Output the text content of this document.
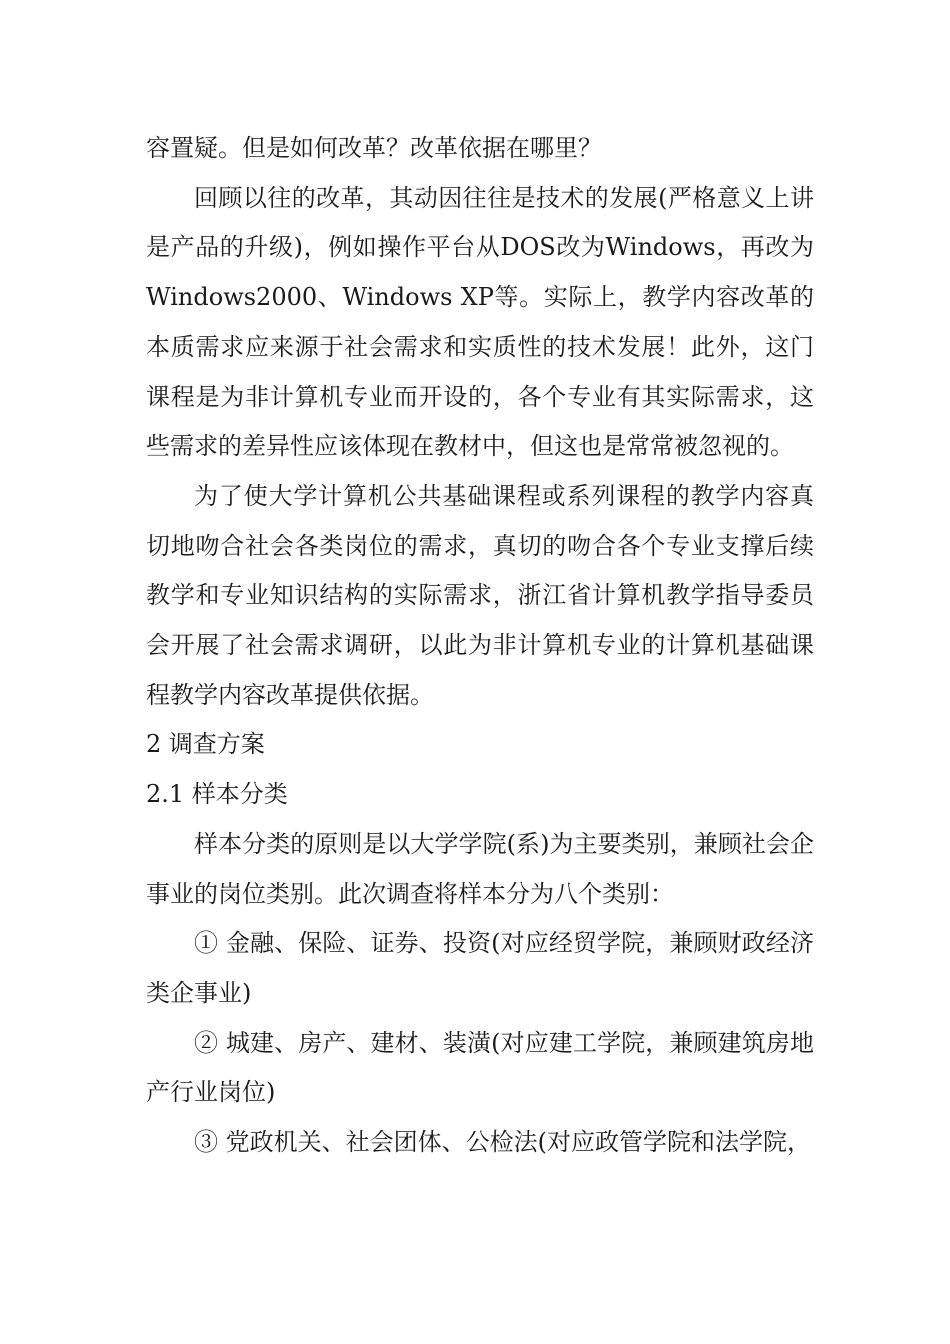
容置疑。但是如何改革？改革依据在哪里？

回顾以往的改革，其动因往往是技术的发展(严格意义上讲是产品的升级)，例如操作平台从DOS改为Windows，再改为Windows2000、Windows XP等。实际上，教学内容改革的本质需求应来源于社会需求和实质性的技术发展！此外，这门课程是为非计算机专业而开设的，各个专业有其实际需求，这些需求的差异性应该体现在教材中，但这也是常常被忽视的。

为了使大学计算机公共基础课程或系列课程的教学内容真切地吻合社会各类岗位的需求，真切的吻合各个专业支撑后续教学和专业知识结构的实际需求，浙江省计算机教学指导委员会开展了社会需求调研，以此为非计算机专业的计算机基础课程教学内容改革提供依据。

2 调查方案

2.1 样本分类

样本分类的原则是以大学学院(系)为主要类别，兼顾社会企事业的岗位类别。此次调查将样本分为八个类别：

① 金融、保险、证券、投资(对应经贸学院，兼顾财政经济类企事业)

② 城建、房产、建材、装潢(对应建工学院，兼顾建筑房地产行业岗位)

③ 党政机关、社会团体、公检法(对应政管学院和法学院，
